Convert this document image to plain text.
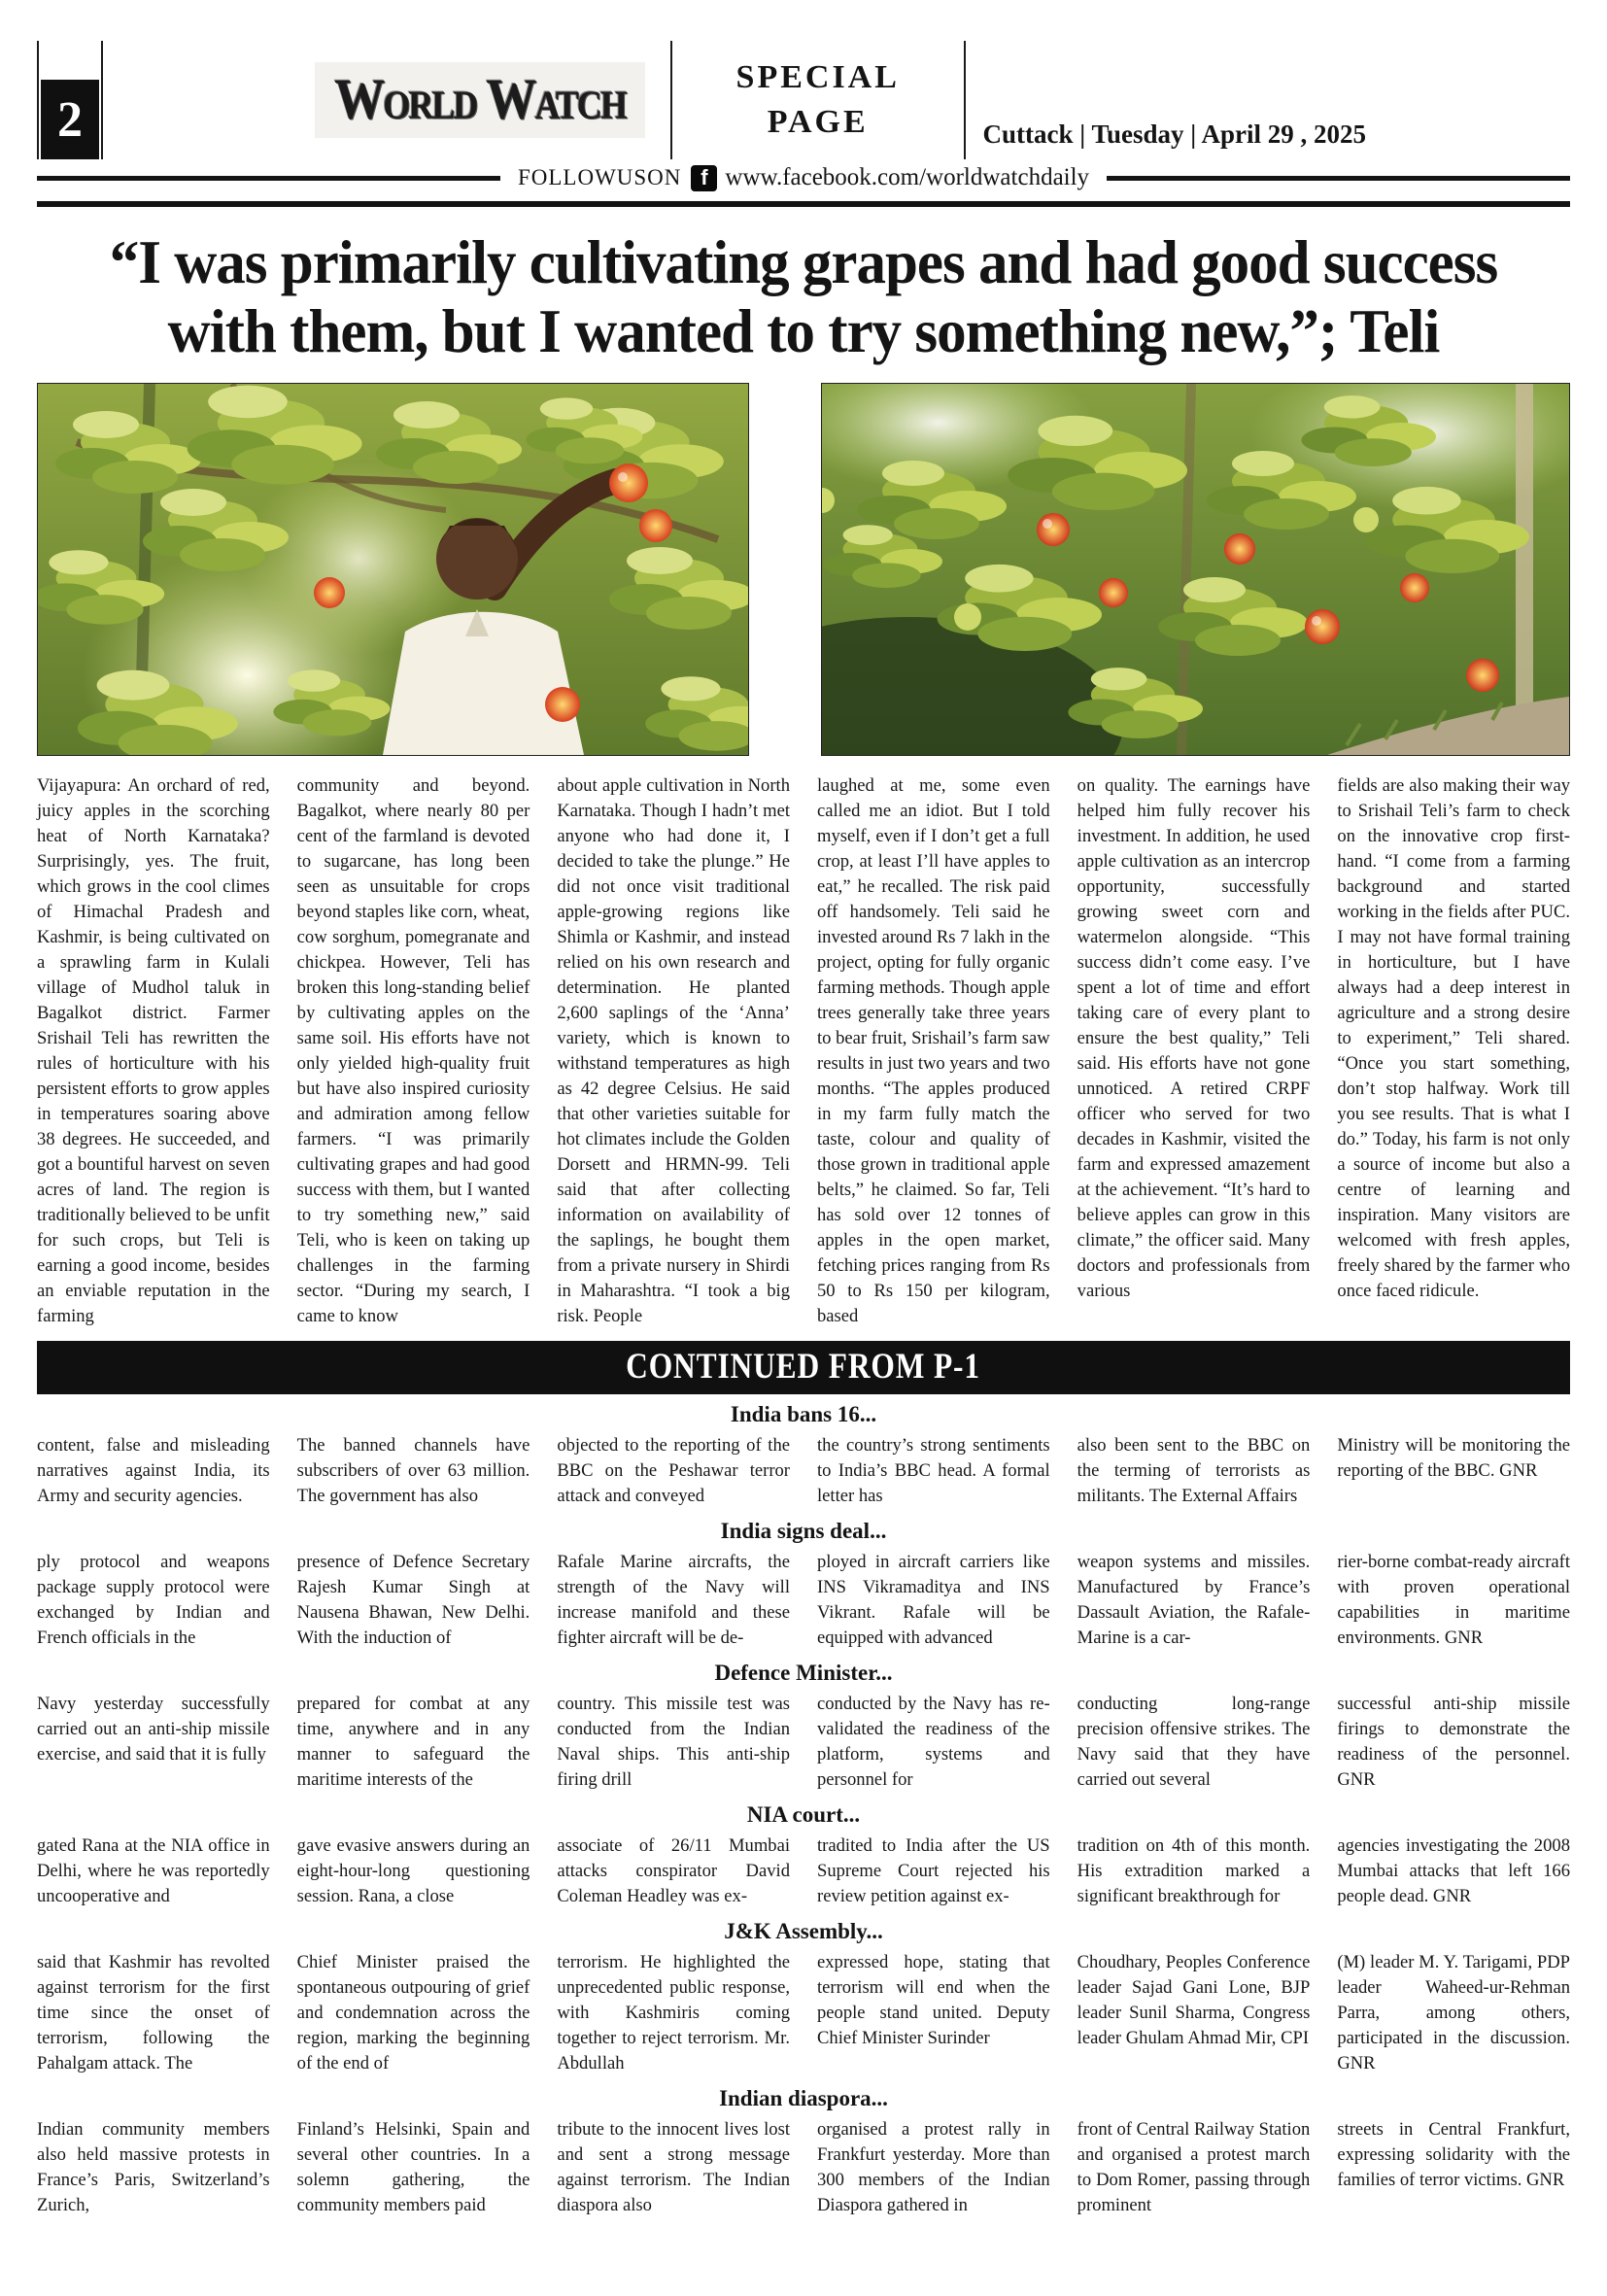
2	World Watch	SPECIAL PAGE	Cuttack | Tuesday | April 29 , 2025
FOLLOWUSON f www.facebook.com/worldwatchdaily
“I was primarily cultivating grapes and had good success
with them, but I wanted to try something new,”; Teli
Vijayapura: An orchard of red, juicy apples in the scorching heat of North Karnataka? Surprisingly, yes. The fruit, which grows in the cool climes of Himachal Pradesh and Kashmir, is being cultivated on a sprawling farm in Kulali village of Mudhol taluk in Bagalkot district. Farmer Srishail Teli has rewritten the rules of horticulture with his persistent efforts to grow apples in temperatures soaring above 38 degrees. He succeeded, and got a bountiful harvest on seven acres of land. The region is traditionally believed to be unfit for such crops, but Teli is earning a good income, besides an enviable reputation in the farming
community and beyond. Bagalkot, where nearly 80 per cent of the farmland is devoted to sugarcane, has long been seen as unsuitable for crops beyond staples like corn, wheat, cow sorghum, pomegranate and chickpea. However, Teli has broken this long-standing belief by cultivating apples on the same soil. His efforts have not only yielded high-quality fruit but have also inspired curiosity and admiration among fellow farmers. “I was primarily cultivating grapes and had good success with them, but I wanted to try something new,” said Teli, who is keen on taking up challenges in the farming sector. “During my search, I came to know
about apple cultivation in North Karnataka. Though I hadn’t met anyone who had done it, I decided to take the plunge.” He did not once visit traditional apple-growing regions like Shimla or Kashmir, and instead relied on his own research and determination. He planted 2,600 saplings of the ‘Anna’ variety, which is known to withstand temperatures as high as 42 degree Celsius. He said that other varieties suitable for hot climates include the Golden Dorsett and HRMN-99. Teli said that after collecting information on availability of the saplings, he bought them from a private nursery in Shirdi in Maharashtra. “I took a big risk. People
laughed at me, some even called me an idiot. But I told myself, even if I don’t get a full crop, at least I’ll have apples to eat,” he recalled. The risk paid off handsomely. Teli said he invested around Rs 7 lakh in the project, opting for fully organic farming methods. Though apple trees generally take three years to bear fruit, Srishail’s farm saw results in just two years and two months. “The apples produced in my farm fully match the taste, colour and quality of those grown in traditional apple belts,” he claimed. So far, Teli has sold over 12 tonnes of apples in the open market, fetching prices ranging from Rs 50 to Rs 150 per kilogram, based
on quality. The earnings have helped him fully recover his investment. In addition, he used apple cultivation as an intercrop opportunity, successfully growing sweet corn and watermelon alongside. “This success didn’t come easy. I’ve spent a lot of time and effort taking care of every plant to ensure the best quality,” Teli said. His efforts have not gone unnoticed. A retired CRPF officer who served for two decades in Kashmir, visited the farm and expressed amazement at the achievement. “It’s hard to believe apples can grow in this climate,” the officer said. Many doctors and professionals from various
fields are also making their way to Srishail Teli’s farm to check on the innovative crop first-hand. “I come from a farming background and started working in the fields after PUC. I may not have formal training in horticulture, but I have always had a deep interest in agriculture and a strong desire to experiment,” Teli shared. “Once you start something, don’t stop halfway. Work till you see results. That is what I do.” Today, his farm is not only a source of income but also a centre of learning and inspiration. Many visitors are welcomed with fresh apples, freely shared by the farmer who once faced ridicule.
CONTINUED FROM P-1
India bans 16...
content, false and misleading narratives against India, its Army and security agencies.
The banned channels have subscribers of over 63 million. The government has also
objected to the reporting of the BBC on the Peshawar terror attack and conveyed
the country’s strong sentiments to India’s BBC head. A formal letter has
also been sent to the BBC on the terming of terrorists as militants. The External Affairs
Ministry will be monitoring the reporting of the BBC. GNR
India signs deal...
ply protocol and weapons package supply protocol were exchanged by Indian and French officials in the
presence of Defence Secretary Rajesh Kumar Singh at Nausena Bhawan, New Delhi. With the induction of
Rafale Marine aircrafts, the strength of the Navy will increase manifold and these fighter aircraft will be de-
ployed in aircraft carriers like INS Vikramaditya and INS Vikrant. Rafale will be equipped with advanced
weapon systems and missiles. Manufactured by France’s Dassault Aviation, the Rafale-Marine is a car-
rier-borne combat-ready aircraft with proven operational capabilities in maritime environments. GNR
Defence Minister...
Navy yesterday successfully carried out an anti-ship missile exercise, and said that it is fully
prepared for combat at any time, anywhere and in any manner to safeguard the maritime interests of the
country. This missile test was conducted from the Indian Naval ships. This anti-ship firing drill
conducted by the Navy has re-validated the readiness of the platform, systems and personnel for
conducting long-range precision offensive strikes. The Navy said that they have carried out several
successful anti-ship missile firings to demonstrate the readiness of the personnel. GNR
NIA court...
gated Rana at the NIA office in Delhi, where he was reportedly uncooperative and
gave evasive answers during an eight-hour-long questioning session. Rana, a close
associate of 26/11 Mumbai attacks conspirator David Coleman Headley was ex-
tradited to India after the US Supreme Court rejected his review petition against ex-
tradition on 4th of this month. His extradition marked a significant breakthrough for
agencies investigating the 2008 Mumbai attacks that left 166 people dead. GNR
J&K Assembly...
said that Kashmir has revolted against terrorism for the first time since the onset of terrorism, following the Pahalgam attack. The
Chief Minister praised the spontaneous outpouring of grief and condemnation across the region, marking the beginning of the end of
terrorism. He highlighted the unprecedented public response, with Kashmiris coming together to reject terrorism. Mr. Abdullah
expressed hope, stating that terrorism will end when the people stand united. Deputy Chief Minister Surinder
Choudhary, Peoples Conference leader Sajad Gani Lone, BJP leader Sunil Sharma, Congress leader Ghulam Ahmad Mir, CPI
(M) leader M. Y. Tarigami, PDP leader Waheed-ur-Rehman Parra, among others, participated in the discussion. GNR
Indian diaspora...
Indian community members also held massive protests in France’s Paris, Switzerland’s Zurich,
Finland’s Helsinki, Spain and several other countries. In a solemn gathering, the community members paid
tribute to the innocent lives lost and sent a strong message against terrorism. The Indian diaspora also
organised a protest rally in Frankfurt yesterday. More than 300 members of the Indian Diaspora gathered in
front of Central Railway Station and organised a protest march to Dom Romer, passing through prominent
streets in Central Frankfurt, expressing solidarity with the families of terror victims. GNR
